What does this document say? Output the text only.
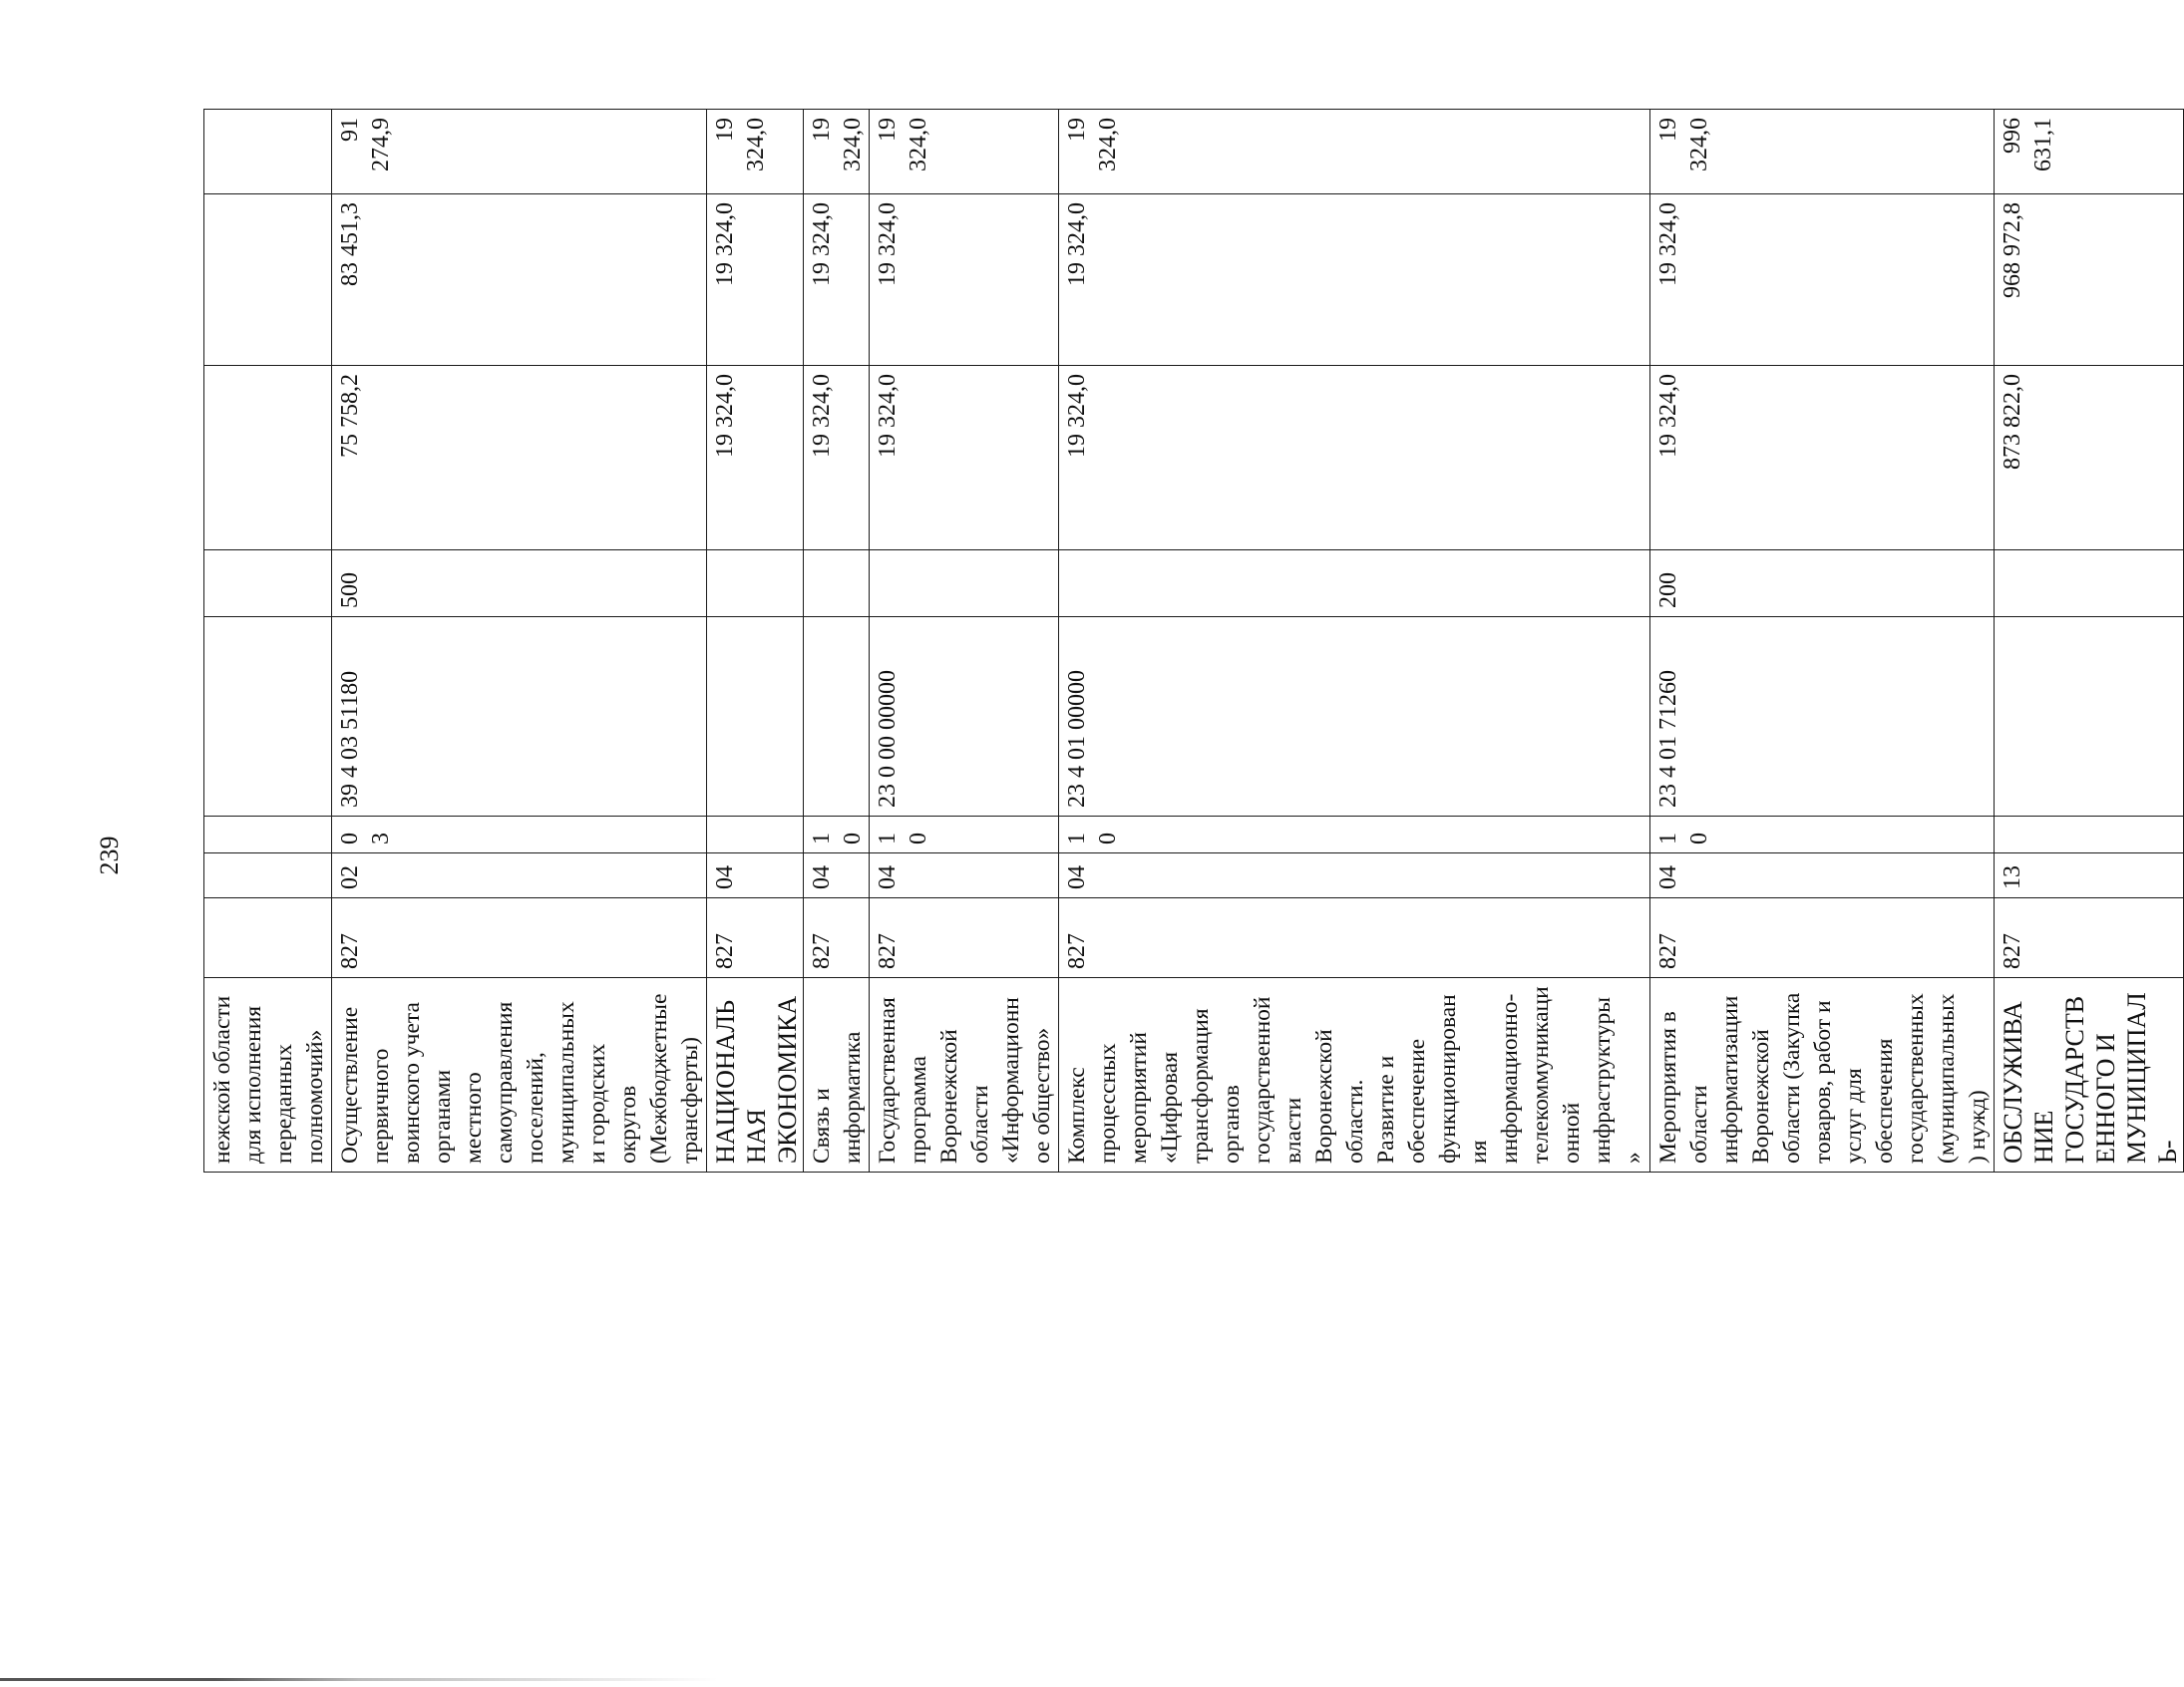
239
нежской области для исполнения переданных полномочий»								
Осуществление первичного воинского учета органами местного самоуправления поселений, муниципальных и городских округов (Межбюджетные трансферты)	827	02	03	39 4 03 51180	500	75 758,2	83 451,3	91 274,9
НАЦИОНАЛЬНАЯ ЭКОНОМИКА	827	04				19 324,0	19 324,0	19 324,0
Связь и информатика	827	04	10			19 324,0	19 324,0	19 324,0
Государственная программа Воронежской области «Информационное общество»	827	04	10	23 0 00 00000		19 324,0	19 324,0	19 324,0
Комплекс процессных мероприятий «Цифровая трансформация органов государственной власти Воронежской области. Развитие и обеспечение функционирования информационно-телекоммуникационной инфраструктуры»	827	04	10	23 4 01 00000		19 324,0	19 324,0	19 324,0
Мероприятия в области информатизации Воронежской области (Закупка товаров, работ и услуг для обеспечения государственных (муниципальных) нужд)	827	04	10	23 4 01 71260	200	19 324,0	19 324,0	19 324,0
ОБСЛУЖИВАНИЕ ГОСУДАРСТВЕННОГО И МУНИЦИПАЛЬ-	827	13				873 822,0	968 972,8	996 631,1
